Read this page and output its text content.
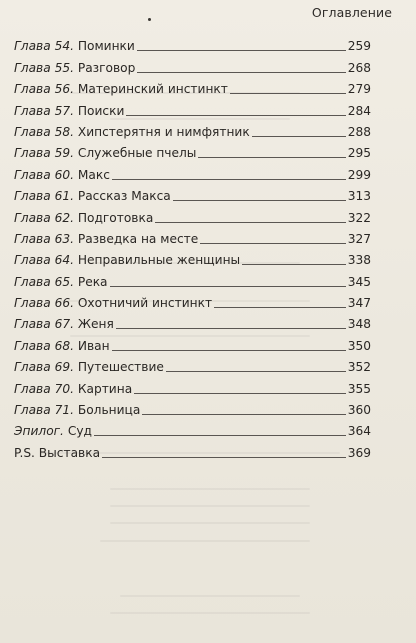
Оглавление
Глава 54. Поминки	259
Глава 55. Разговор	268
Глава 56. Материнский инстинкт	279
Глава 57. Поиски	284
Глава 58. Хипстерятня и нимфятник	288
Глава 59. Служебные пчелы	295
Глава 60. Макс	299
Глава 61. Рассказ Макса	313
Глава 62. Подготовка	322
Глава 63. Разведка на месте	327
Глава 64. Неправильные женщины	338
Глава 65. Река	345
Глава 66. Охотничий инстинкт	347
Глава 67. Женя	348
Глава 68. Иван	350
Глава 69. Путешествие	352
Глава 70. Картина	355
Глава 71. Больница	360
Эпилог. Суд	364
P.S. Выставка	369
